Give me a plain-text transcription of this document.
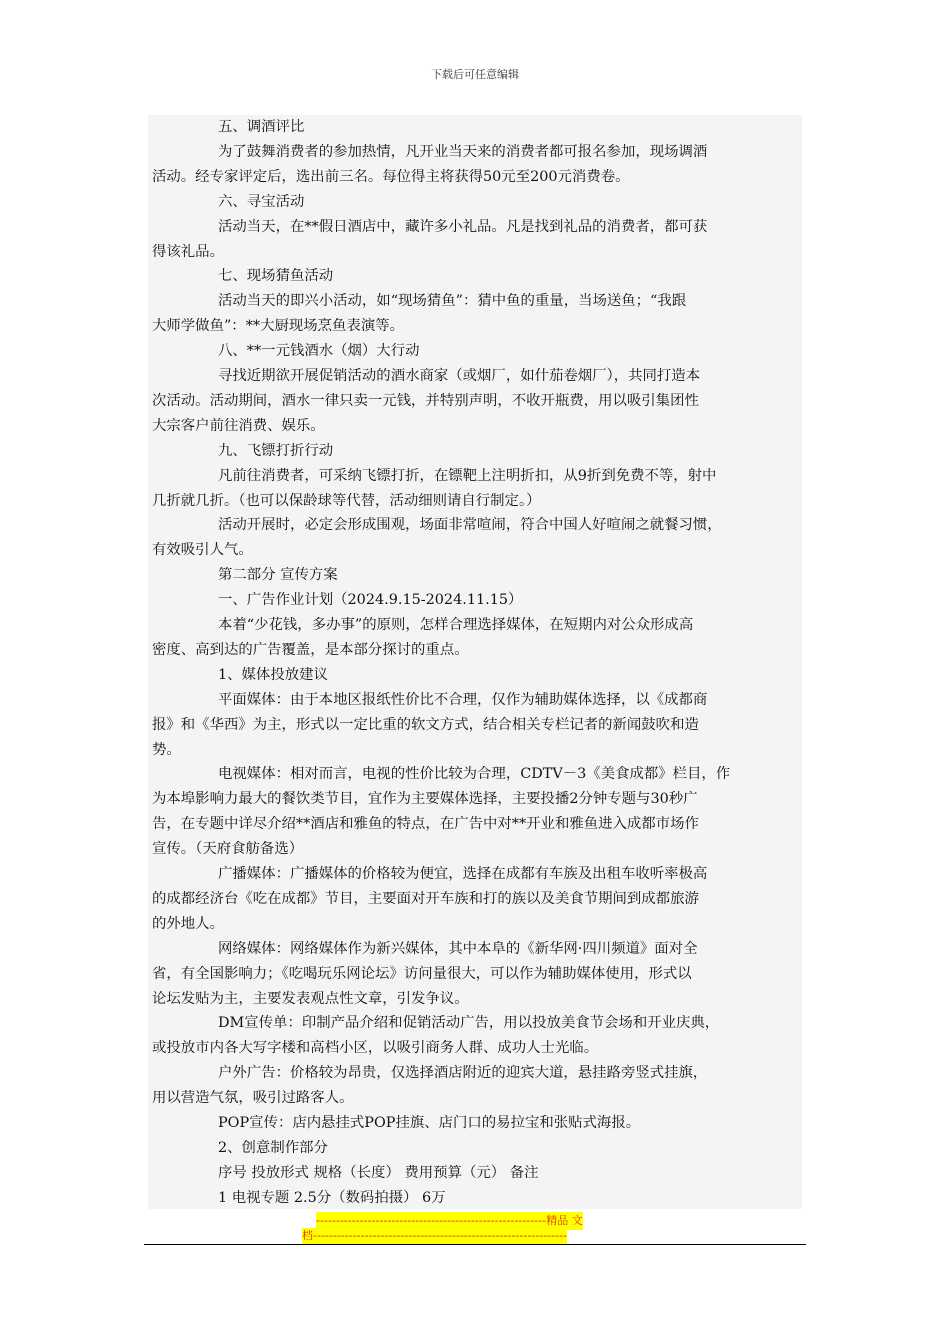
下载后可任意编辑
五、调酒评比
为了鼓舞消费者的参加热情，凡开业当天来的消费者都可报名参加，现场调酒
活动。经专家评定后，选出前三名。每位得主将获得50元至200元消费卷。
六、寻宝活动
活动当天，在**假日酒店中，藏许多小礼品。凡是找到礼品的消费者，都可获
得该礼品。
七、现场猜鱼活动
活动当天的即兴小活动，如“现场猜鱼”：猜中鱼的重量，当场送鱼；“我跟
大师学做鱼”：**大厨现场烹鱼表演等。
八、**一元钱酒水（烟）大行动
寻找近期欲开展促销活动的酒水商家（或烟厂，如什茄卷烟厂），共同打造本
次活动。活动期间，酒水一律只卖一元钱，并特别声明，不收开瓶费，用以吸引集团性
大宗客户前往消费、娱乐。
九、飞镖打折行动
凡前往消费者，可采纳飞镖打折，在镖靶上注明折扣，从9折到免费不等，射中
几折就几折。（也可以保龄球等代替，活动细则请自行制定。）
活动开展时，必定会形成围观，场面非常喧闹，符合中国人好喧闹之就餐习惯，
有效吸引人气。
第二部分 宣传方案
一、广告作业计划（2024.9.15-2024.11.15）
本着“少花钱，多办事”的原则，怎样合理选择媒体，在短期内对公众形成高
密度、高到达的广告覆盖，是本部分探讨的重点。
1、媒体投放建议
平面媒体：由于本地区报纸性价比不合理，仅作为辅助媒体选择，以《成都商
报》和《华西》为主，形式以一定比重的软文方式，结合相关专栏记者的新闻鼓吹和造
势。
电视媒体：相对而言，电视的性价比较为合理，CDTV－3《美食成都》栏目，作
为本埠影响力最大的餐饮类节目，宜作为主要媒体选择，主要投播2分钟专题与30秒广
告，在专题中详尽介绍**酒店和雅鱼的特点，在广告中对**开业和雅鱼进入成都市场作
宣传。（天府食舫备选）
广播媒体：广播媒体的价格较为便宜，选择在成都有车族及出租车收听率极高
的成都经济台《吃在成都》节目，主要面对开车族和打的族以及美食节期间到成都旅游
的外地人。
网络媒体：网络媒体作为新兴媒体，其中本阜的《新华网·四川频道》面对全
省，有全国影响力；《吃喝玩乐网论坛》访问量很大，可以作为辅助媒体使用，形式以
论坛发贴为主，主要发表观点性文章，引发争议。
DM宣传单：印制产品介绍和促销活动广告，用以投放美食节会场和开业庆典，
或投放市内各大写字楼和高档小区，以吸引商务人群、成功人士光临。
户外广告：价格较为昂贵，仅选择酒店附近的迎宾大道，悬挂路旁竖式挂旗，
用以营造气氛，吸引过路客人。
POP宣传：店内悬挂式POP挂旗、店门口的易拉宝和张贴式海报。
2、创意制作部分
序号 投放形式 规格（长度） 费用预算（元） 备注
1 电视专题 2.5分（数码拍摄） 6万
----------------------------------------------------------精品 文
档----------------------------------------------------------------
